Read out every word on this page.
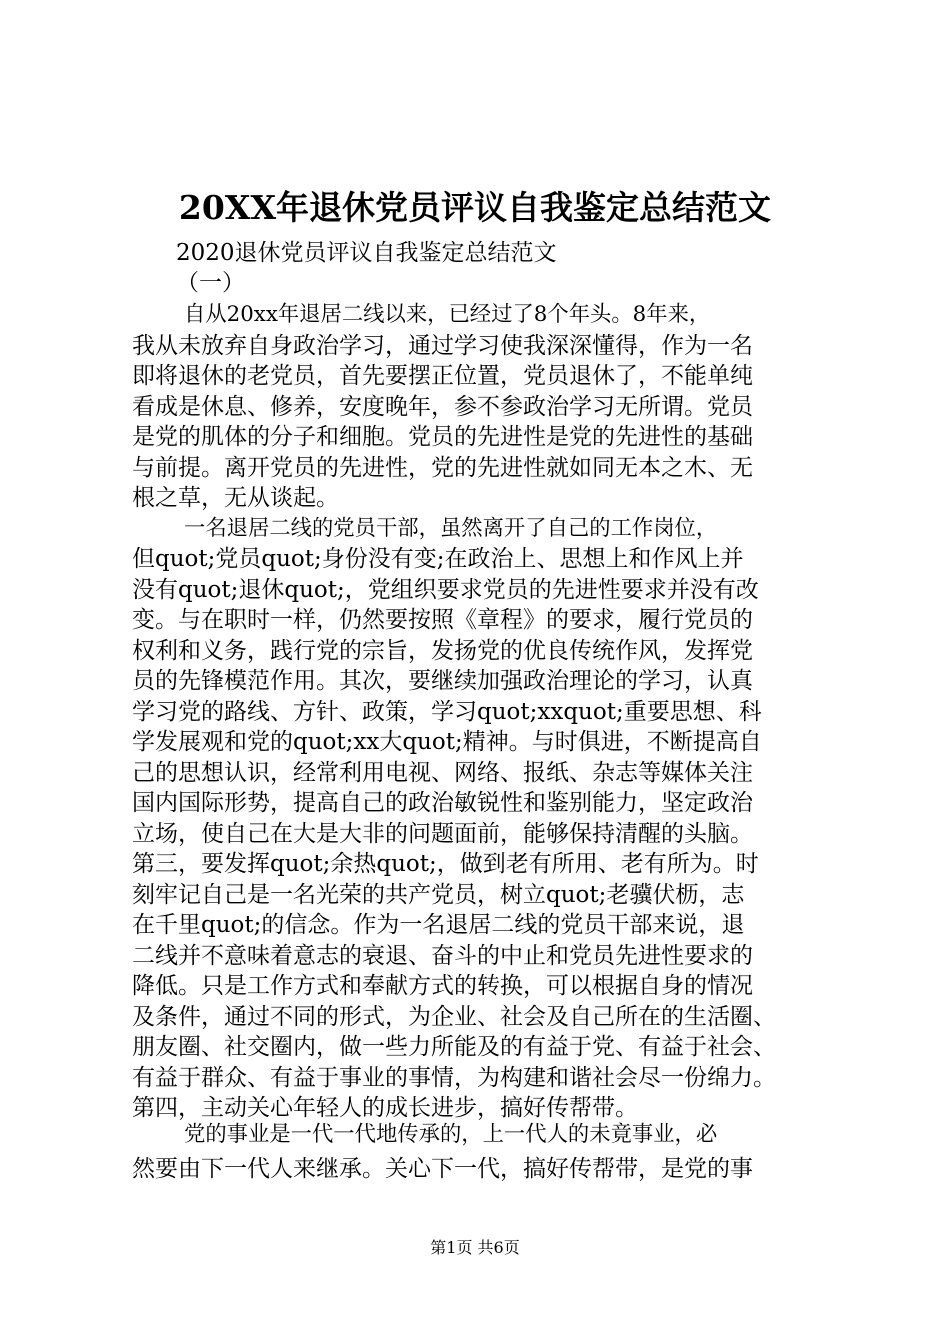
20XX年退休党员评议自我鉴定总结范文
2020退休党员评议自我鉴定总结范文
（一）
自从20xx年退居二线以来，已经过了8个年头。8年来，
我从未放弃自身政治学习，通过学习使我深深懂得，作为一名
即将退休的老党员，首先要摆正位置，党员退休了，不能单纯
看成是休息、修养，安度晚年，参不参政治学习无所谓。党员
是党的肌体的分子和细胞。党员的先进性是党的先进性的基础
与前提。离开党员的先进性，党的先进性就如同无本之木、无
根之草，无从谈起。
一名退居二线的党员干部，虽然离开了自己的工作岗位，
但quot;党员quot;身份没有变;在政治上、思想上和作风上并
没有quot;退休quot;，党组织要求党员的先进性要求并没有改
变。与在职时一样，仍然要按照《章程》的要求，履行党员的
权利和义务，践行党的宗旨，发扬党的优良传统作风，发挥党
员的先锋模范作用。其次，要继续加强政治理论的学习，认真
学习党的路线、方针、政策，学习quot;xxquot;重要思想、科
学发展观和党的quot;xx大quot;精神。与时俱进，不断提高自
己的思想认识，经常利用电视、网络、报纸、杂志等媒体关注
国内国际形势，提高自己的政治敏锐性和鉴别能力，坚定政治
立场，使自己在大是大非的问题面前，能够保持清醒的头脑。
第三，要发挥quot;余热quot;，做到老有所用、老有所为。时
刻牢记自己是一名光荣的共产党员，树立quot;老骥伏枥，志
在千里quot;的信念。作为一名退居二线的党员干部来说，退
二线并不意味着意志的衰退、奋斗的中止和党员先进性要求的
降低。只是工作方式和奉献方式的转换，可以根据自身的情况
及条件，通过不同的形式，为企业、社会及自己所在的生活圈、
朋友圈、社交圈内，做一些力所能及的有益于党、有益于社会、
有益于群众、有益于事业的事情，为构建和谐社会尽一份绵力。
第四，主动关心年轻人的成长进步，搞好传帮带。
第1页 共6页
党的事业是一代一代地传承的，上一代人的未竟事业，必
然要由下一代人来继承。关心下一代，搞好传帮带，是党的事
